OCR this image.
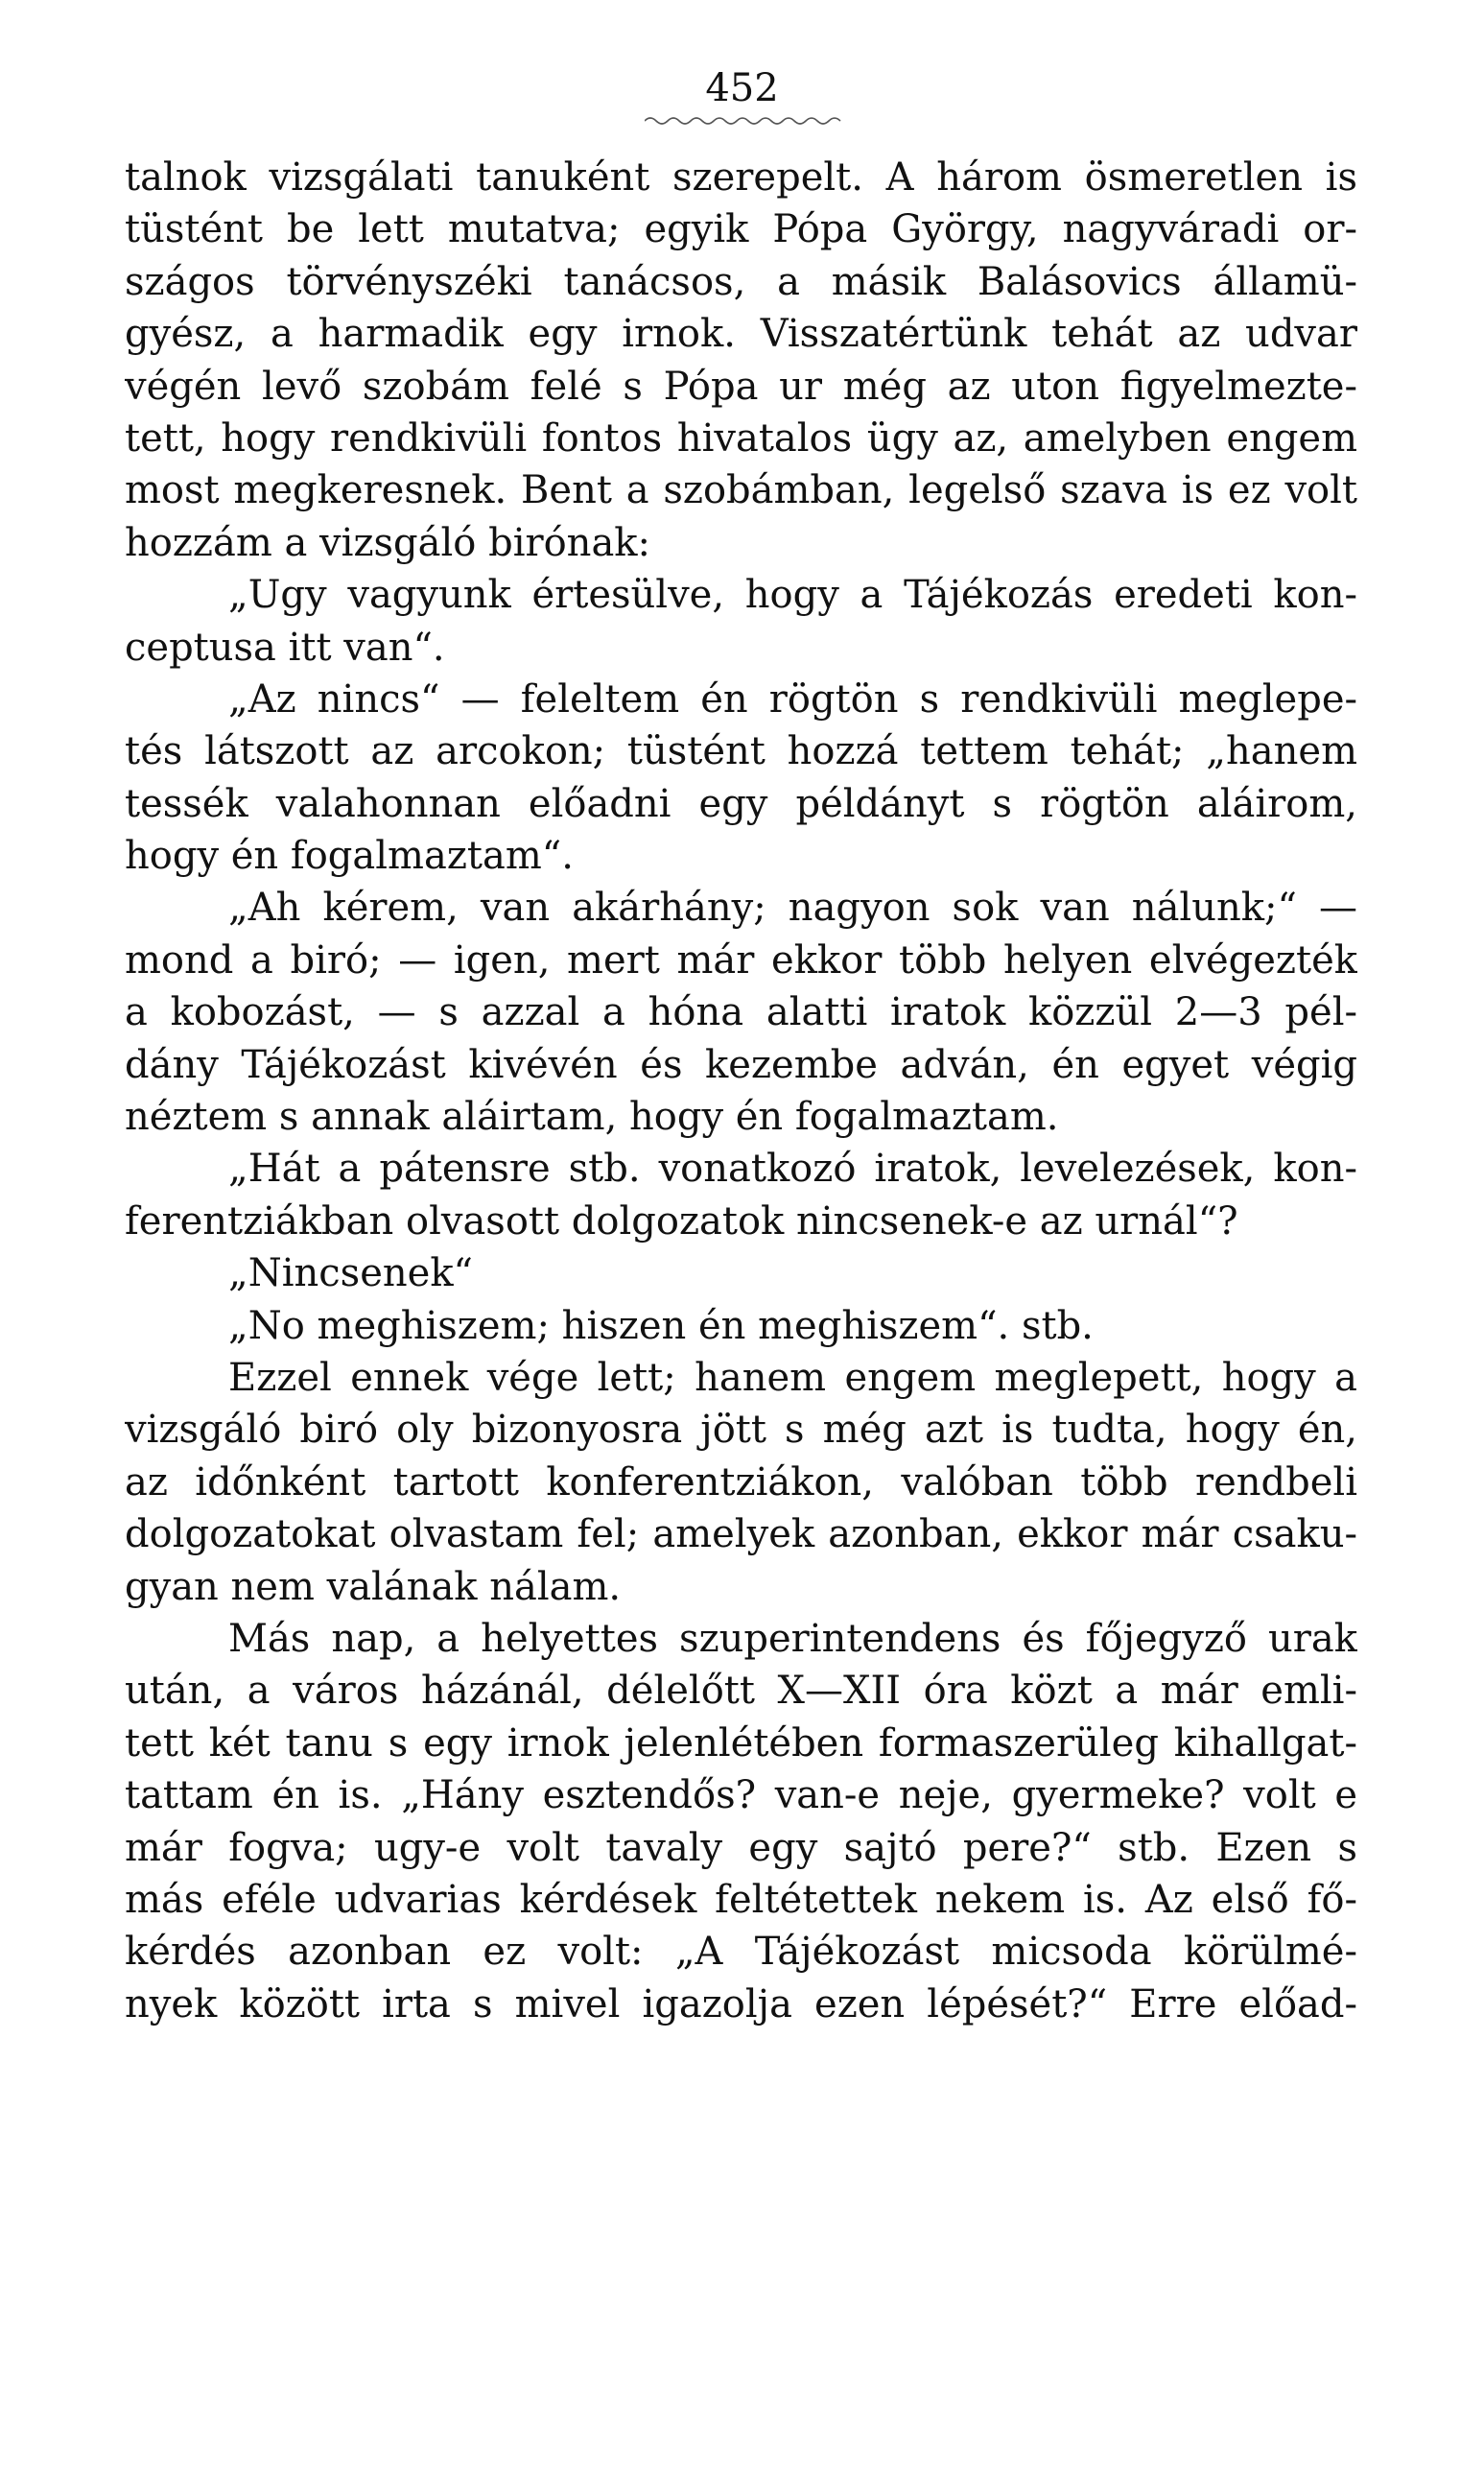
452
talnok vizsgálati tanuként szerepelt. A három ösmeretlen is
tüstént be lett mutatva; egyik Pópa György, nagyváradi or-
szágos törvényszéki tanácsos, a másik Balásovics államü-
gyész, a harmadik egy irnok. Visszatértünk tehát az udvar
végén levő szobám felé s Pópa ur még az uton figyelmezte-
tett, hogy rendkivüli fontos hivatalos ügy az, amelyben engem
most megkeresnek. Bent a szobámban, legelső szava is ez volt
hozzám a vizsgáló birónak:
„Ugy vagyunk értesülve, hogy a Tájékozás eredeti kon-
ceptusa itt van“.
„Az nincs“ — feleltem én rögtön s rendkivüli meglepe-
tés látszott az arcokon; tüstént hozzá tettem tehát; „hanem
tessék valahonnan előadni egy példányt s rögtön aláirom,
hogy én fogalmaztam“.
„Ah kérem, van akárhány; nagyon sok van nálunk;“ —
mond a biró; — igen, mert már ekkor több helyen elvégezték
a kobozást, — s azzal a hóna alatti iratok közzül 2—3 pél-
dány Tájékozást kivévén és kezembe adván, én egyet végig
néztem s annak aláirtam, hogy én fogalmaztam.
„Hát a pátensre stb. vonatkozó iratok, levelezések, kon-
ferentziákban olvasott dolgozatok nincsenek-e az urnál“?
„Nincsenek“
„No meghiszem; hiszen én meghiszem“. stb.
Ezzel ennek vége lett; hanem engem meglepett, hogy a
vizsgáló biró oly bizonyosra jött s még azt is tudta, hogy én,
az időnként tartott konferentziákon, valóban több rendbeli
dolgozatokat olvastam fel; amelyek azonban, ekkor már csaku-
gyan nem valának nálam.
Más nap, a helyettes szuperintendens és főjegyző urak
után, a város házánál, délelőtt X—XII óra közt a már emli-
tett két tanu s egy irnok jelenlétében formaszerüleg kihallgat-
tattam én is. „Hány esztendős? van-e neje, gyermeke? volt e
már fogva; ugy-e volt tavaly egy sajtó pere?“ stb. Ezen s
más eféle udvarias kérdések feltétettek nekem is. Az első fő-
kérdés azonban ez volt: „A Tájékozást micsoda körülmé-
nyek között irta s mivel igazolja ezen lépését?“ Erre előad-
